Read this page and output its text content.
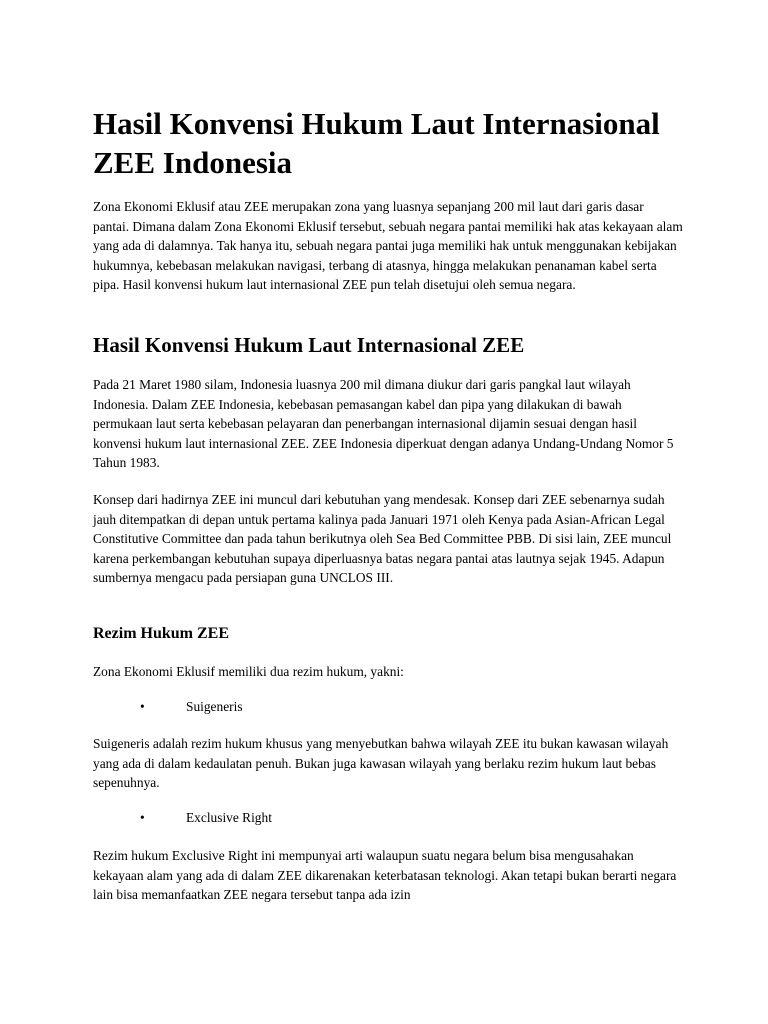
Hasil Konvensi Hukum Laut Internasional ZEE Indonesia

Zona Ekonomi Eklusif atau ZEE merupakan zona yang luasnya sepanjang 200 mil laut dari garis dasar pantai. Dimana dalam Zona Ekonomi Eklusif tersebut, sebuah negara pantai memiliki hak atas kekayaan alam yang ada di dalamnya. Tak hanya itu, sebuah negara pantai juga memiliki hak untuk menggunakan kebijakan hukumnya, kebebasan melakukan navigasi, terbang di atasnya, hingga melakukan penanaman kabel serta pipa. Hasil konvensi hukum laut internasional ZEE pun telah disetujui oleh semua negara.

Hasil Konvensi Hukum Laut Internasional ZEE

Pada 21 Maret 1980 silam, Indonesia luasnya 200 mil dimana diukur dari garis pangkal laut wilayah Indonesia. Dalam ZEE Indonesia, kebebasan pemasangan kabel dan pipa yang dilakukan di bawah permukaan laut serta kebebasan pelayaran dan penerbangan internasional dijamin sesuai dengan hasil konvensi hukum laut internasional ZEE. ZEE Indonesia diperkuat dengan adanya Undang-Undang Nomor 5 Tahun 1983.

Konsep dari hadirnya ZEE ini muncul dari kebutuhan yang mendesak. Konsep dari ZEE sebenarnya sudah jauh ditempatkan di depan untuk pertama kalinya pada Januari 1971 oleh Kenya pada Asian-African Legal Constitutive Committee dan pada tahun berikutnya oleh Sea Bed Committee PBB. Di sisi lain, ZEE muncul karena perkembangan kebutuhan supaya diperluasnya batas negara pantai atas lautnya sejak 1945. Adapun sumbernya mengacu pada persiapan guna UNCLOS III.

Rezim Hukum ZEE

Zona Ekonomi Eklusif memiliki dua rezim hukum, yakni:

•	Suigeneris

Suigeneris adalah rezim hukum khusus yang menyebutkan bahwa wilayah ZEE itu bukan kawasan wilayah yang ada di dalam kedaulatan penuh. Bukan juga kawasan wilayah yang berlaku rezim hukum laut bebas sepenuhnya.

•	Exclusive Right

Rezim hukum Exclusive Right ini mempunyai arti walaupun suatu negara belum bisa mengusahakan kekayaan alam yang ada di dalam ZEE dikarenakan keterbatasan teknologi. Akan tetapi bukan berarti negara lain bisa memanfaatkan ZEE negara tersebut tanpa ada izin
